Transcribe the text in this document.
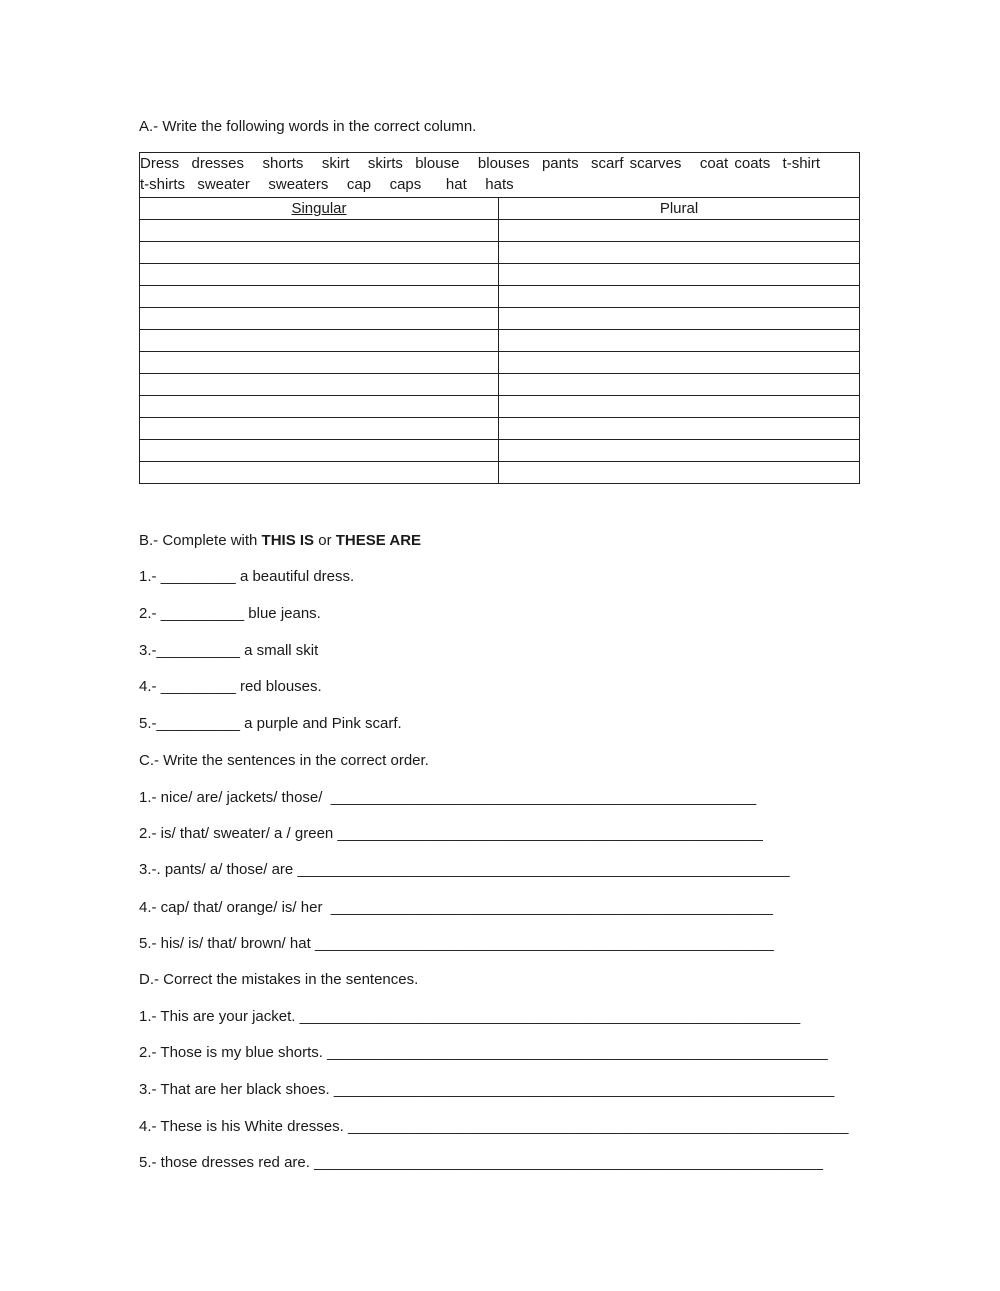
A.- Write the following words in the correct column.
Dress  dresses   shorts   skirt   skirts  blouse   blouses  pants  scarf scarves   coat coats  t-shirt
t-shirts  sweater   sweaters   cap   caps    hat   hats	

Singular	Plural

B.- Complete with THIS IS or THESE ARE
1.- _________ a beautiful dress.
2.- __________ blue jeans.
3.-__________ a small skit
4.- _________ red blouses.
5.-__________ a purple and Pink scarf.
C.- Write the sentences in the correct order.
1.- nice/ are/ jackets/ those/  ___________________________________________________
2.- is/ that/ sweater/ a / green ___________________________________________________
3.-. pants/ a/ those/ are ___________________________________________________________
4.- cap/ that/ orange/ is/ her  _____________________________________________________
5.- his/ is/ that/ brown/ hat _______________________________________________________
D.- Correct the mistakes in the sentences.
1.- This are your jacket. ____________________________________________________________
2.- Those is my blue shorts. ____________________________________________________________
3.- That are her black shoes. ____________________________________________________________
4.- These is his White dresses. ____________________________________________________________
5.- those dresses red are. _____________________________________________________________
